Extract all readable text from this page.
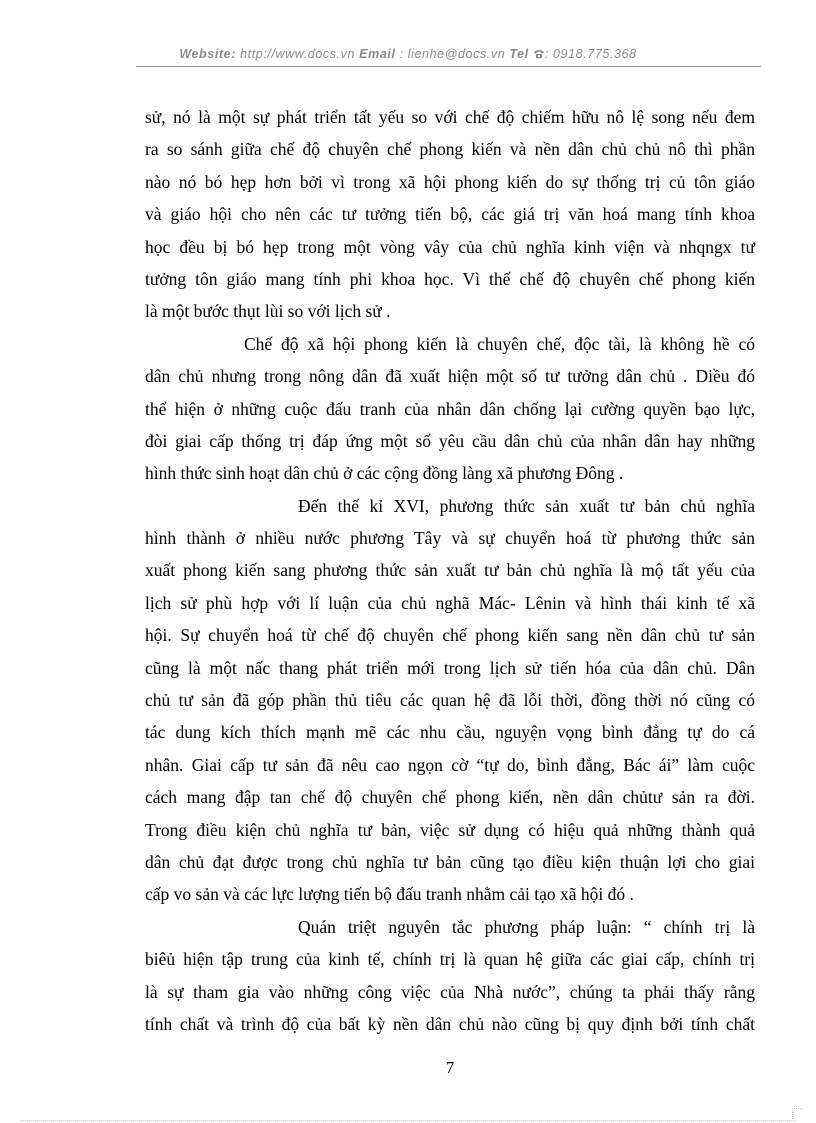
Website: http://www.docs.vn Email : lienhe@docs.vn Tel : 0918.775.368
sử, nó là một sự phát triển tất yếu so với chế độ chiếm hữu nô lệ song nếu đem
ra so sánh giữa chế độ chuyên chế phong kiến và nền dân chủ chủ nô thì phần
nào nó bó hẹp hơn bởi vì trong xã hội phong kiến do sự thống trị củ tôn giáo
và giáo hội cho nên các tư tưởng tiến bộ, các giá trị văn hoá mang tính khoa
học đều bị bó hẹp trong một vòng vây của chủ nghĩa kinh viện và nhqngx tư
tưởng tôn giáo mang tính phi khoa học. Vì thế chế độ chuyên chế phong kiến
là một bước thụt lùi so với lịch sử .
Chế độ xã hội phong kiến là chuyên chế, độc tài, là không hề có
dân chủ nhưng trong nông dân đã xuất hiện một số tư tưởng dân chủ . Diều đó
thể hiện ở những cuộc đấu tranh của nhân dân chống lại cường quyền bạo lực,
đòi giai cấp thống trị đáp ứng một số yêu cầu dân chủ của nhân dân hay những
hình thức sinh hoạt dân chủ ở các cộng đồng làng xã phương Đông .
Đến thế kỉ XVI, phương thức sản xuất tư bản chủ nghĩa
hình thành ở nhiều nước phương Tây và sự chuyển hoá từ phương thức sản
xuất phong kiến sang phương thức sản xuất tư bản chủ nghĩa là mộ tất yếu của
lịch sử phù hợp với lí luận của chủ nghã Mác- Lênin và hình thái kinh tế xã
hội. Sự chuyển hoá từ chế độ chuyên chế phong kiến sang nền dân chủ tư sản
cũng là một nấc thang phát triển mới trong lịch sử tiến hóa của dân chủ. Dân
chủ tư sản đã góp phần thủ tiêu các quan hệ đã lỗi thời, đồng thời nó cũng có
tác dung kích thích mạnh mẽ các nhu cầu, nguyện vọng bình đẳng tự do cá
nhân. Giai cấp tư sản đã nêu cao ngọn cờ “tự do, bình đẳng, Bác ái” làm cuộc
cách mang đập tan chế độ chuyên chế phong kiến, nền dân chủtư sản ra đời.
Trong điều kiện chủ nghĩa tư bản, việc sử dụng có hiệu quả những thành quả
dân chủ đạt được trong chủ nghĩa tư bản cũng tạo điều kiện thuận lợi cho giai
cấp vo sản và các lực lượng tiến bộ đấu tranh nhằm cải tạo xã hội đó .
Quán triệt nguyên tắc phương pháp luận: “ chính trị là
biêủ hiện tập trung của kinh tế, chính trị là quan hệ giữa các giai cấp, chính trị
là sự tham gia vào những công việc của Nhà nước”, chúng ta phải thấy rằng
tính chất và trình độ của bất kỳ nền dân chủ nào cũng bị quy định bởi tính chất
7
